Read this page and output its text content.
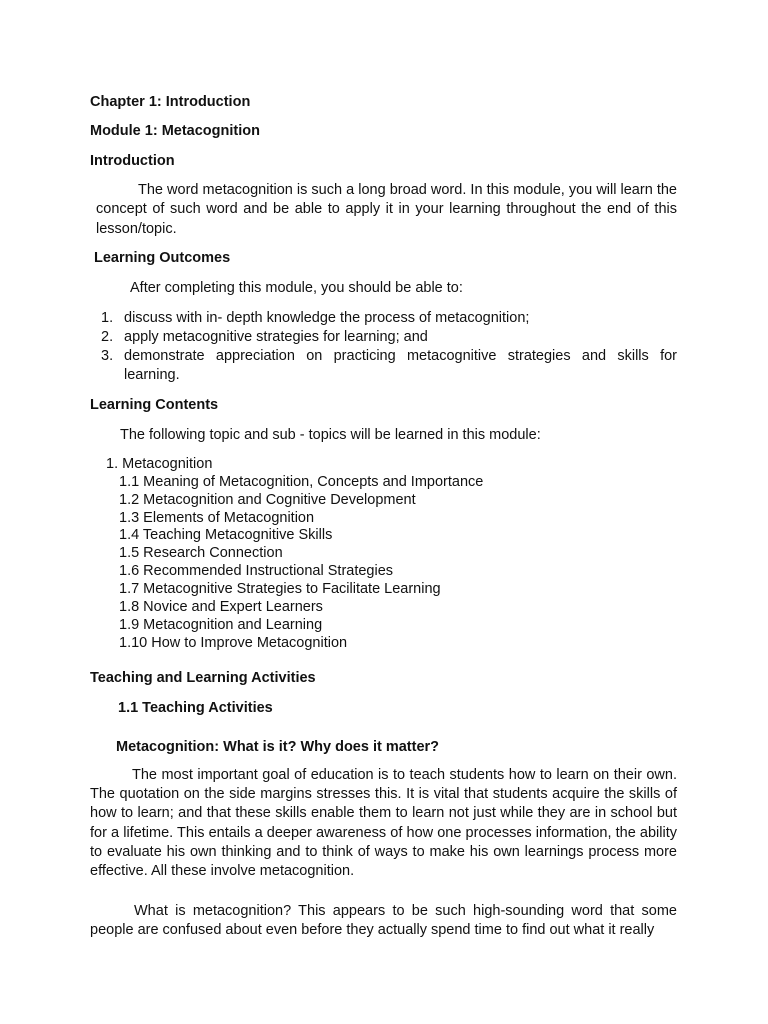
Chapter 1: Introduction

Module 1: Metacognition

Introduction

The word metacognition is such a long broad word. In this module, you will learn the concept of such word and be able to apply it in your learning throughout the end of this lesson/topic.

Learning Outcomes

After completing this module, you should be able to:

1. discuss with in- depth knowledge the process of metacognition;
2. apply metacognitive strategies for learning; and
3. demonstrate appreciation on practicing metacognitive strategies and skills for learning.

Learning Contents

The following topic and sub - topics will be learned in this module:

1. Metacognition

1.1 Meaning of Metacognition, Concepts and Importance

1.2 Metacognition and Cognitive Development

1.3 Elements of Metacognition

1.4 Teaching Metacognitive Skills

1.5 Research Connection

1.6 Recommended Instructional Strategies

1.7 Metacognitive Strategies to Facilitate Learning

1.8 Novice and Expert Learners

1.9 Metacognition and Learning

1.10 How to Improve Metacognition

Teaching and Learning Activities

1.1 Teaching Activities

Metacognition: What is it? Why does it matter?

The most important goal of education is to teach students how to learn on their own. The quotation on the side margins stresses this. It is vital that students acquire the skills of how to learn; and that these skills enable them to learn not just while they are in school but for a lifetime. This entails a deeper awareness of how one processes information, the ability to evaluate his own thinking and to think of ways to make his own learnings process more effective. All these involve metacognition.

What is metacognition? This appears to be such high-sounding word that some people are confused about even before they actually spend time to find out what it really
